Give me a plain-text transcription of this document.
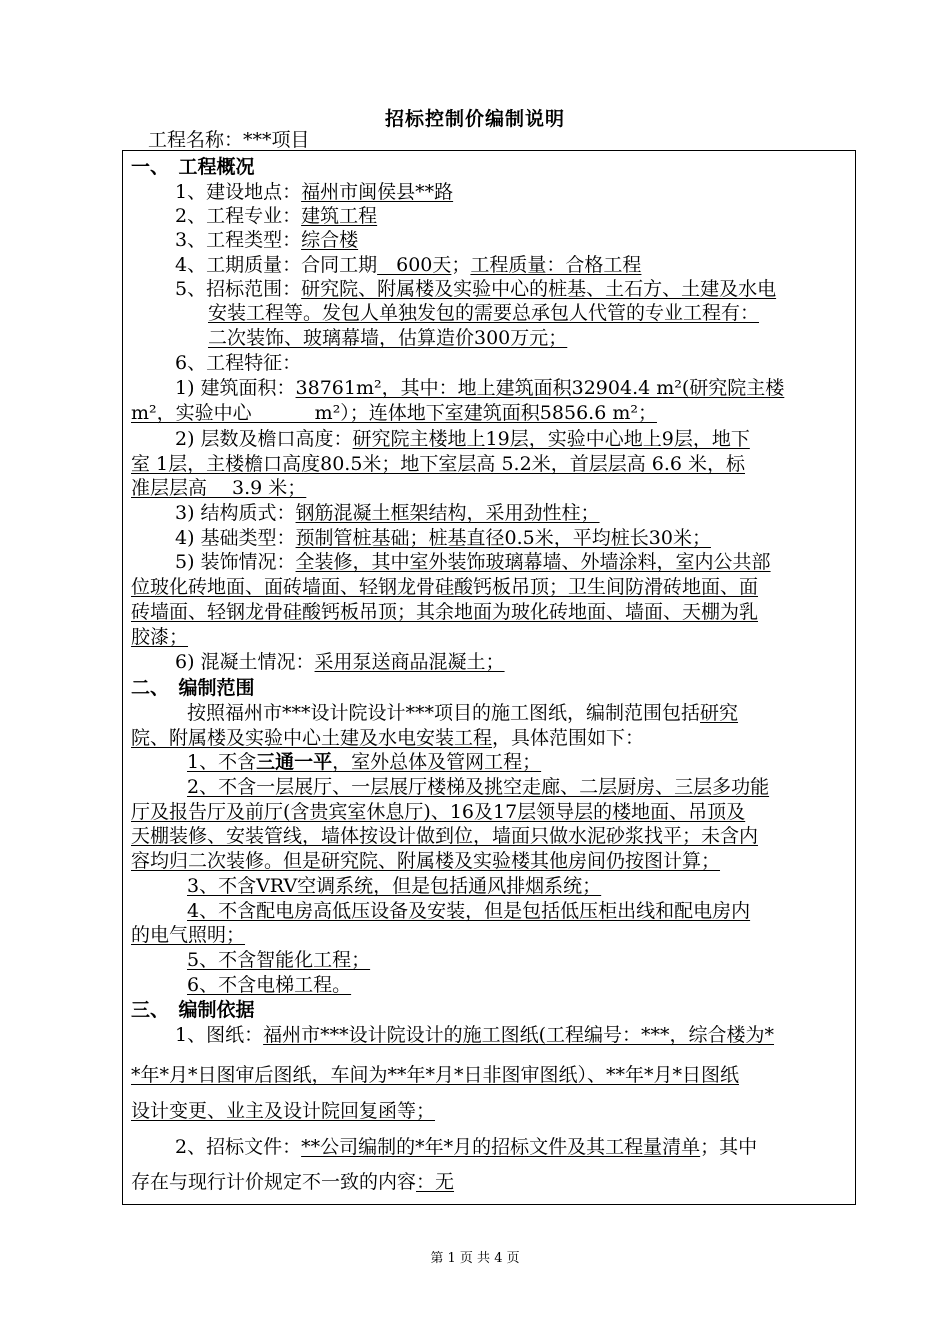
招标控制价编制说明
工程名称：***项目
一、　工程概况
1、建设地点：福州市闽侯县**路
2、工程专业：建筑工程
3、工程类型：综合楼
4、工期质量：合同工期　600天；工程质量：合格工程
5、招标范围：研究院、附属楼及实验中心的桩基、土石方、土建及水电
安装工程等。发包人单独发包的需要总承包人代管的专业工程有：
二次装饰、玻璃幕墙，估算造价300万元；
6、工程特征：
1) 建筑面积：38761m²，其中：地上建筑面积32904.4 m²(研究院主楼
m²，实验中心　　　 m²）；连体地下室建筑面积5856.6 m²；
2) 层数及檐口高度：研究院主楼地上19层，实验中心地上9层，地下
室 1层，主楼檐口高度80.5米；地下室层高 5.2米，首层层高 6.6 米，标
准层层高 　3.9 米；
3) 结构质式：钢筋混凝土框架结构，采用劲性柱；
4) 基础类型：预制管桩基础；桩基直径0.5米，平均桩长30米；
5) 装饰情况：全装修，其中室外装饰玻璃幕墙、外墙涂料，室内公共部
位玻化砖地面、面砖墙面、轻钢龙骨硅酸钙板吊顶；卫生间防滑砖地面、面
砖墙面、轻钢龙骨硅酸钙板吊顶；其余地面为玻化砖地面、墙面、天棚为乳
胶漆；
6) 混凝土情况：采用泵送商品混凝土；
二、　编制范围
按照福州市***设计院设计***项目的施工图纸，编制范围包括研究
院、附属楼及实验中心土建及水电安装工程，具体范围如下：
1、不含三通一平，室外总体及管网工程；
2、不含一层展厅、一层展厅楼梯及挑空走廊、二层厨房、三层多功能
厅及报告厅及前厅(含贵宾室休息厅)、16及17层领导层的楼地面、吊顶及
天棚装修、安装管线，墙体按设计做到位，墙面只做水泥砂浆找平；未含内
容均归二次装修。但是研究院、附属楼及实验楼其他房间仍按图计算；
3、不含VRV空调系统，但是包括通风排烟系统；
4、不含配电房高低压设备及安装，但是包括低压柜出线和配电房内
的电气照明；
5、不含智能化工程；
6、不含电梯工程。
三、　编制依据
1、图纸：福州市***设计院设计的施工图纸(工程编号：***，综合楼为*
*年*月*日图审后图纸，车间为**年*月*日非图审图纸）、**年*月*日图纸
设计变更、业主及设计院回复函等；
2、招标文件：**公司编制的*年*月的招标文件及其工程量清单；其中
存在与现行计价规定不一致的内容：无
第 1 页 共 4 页
